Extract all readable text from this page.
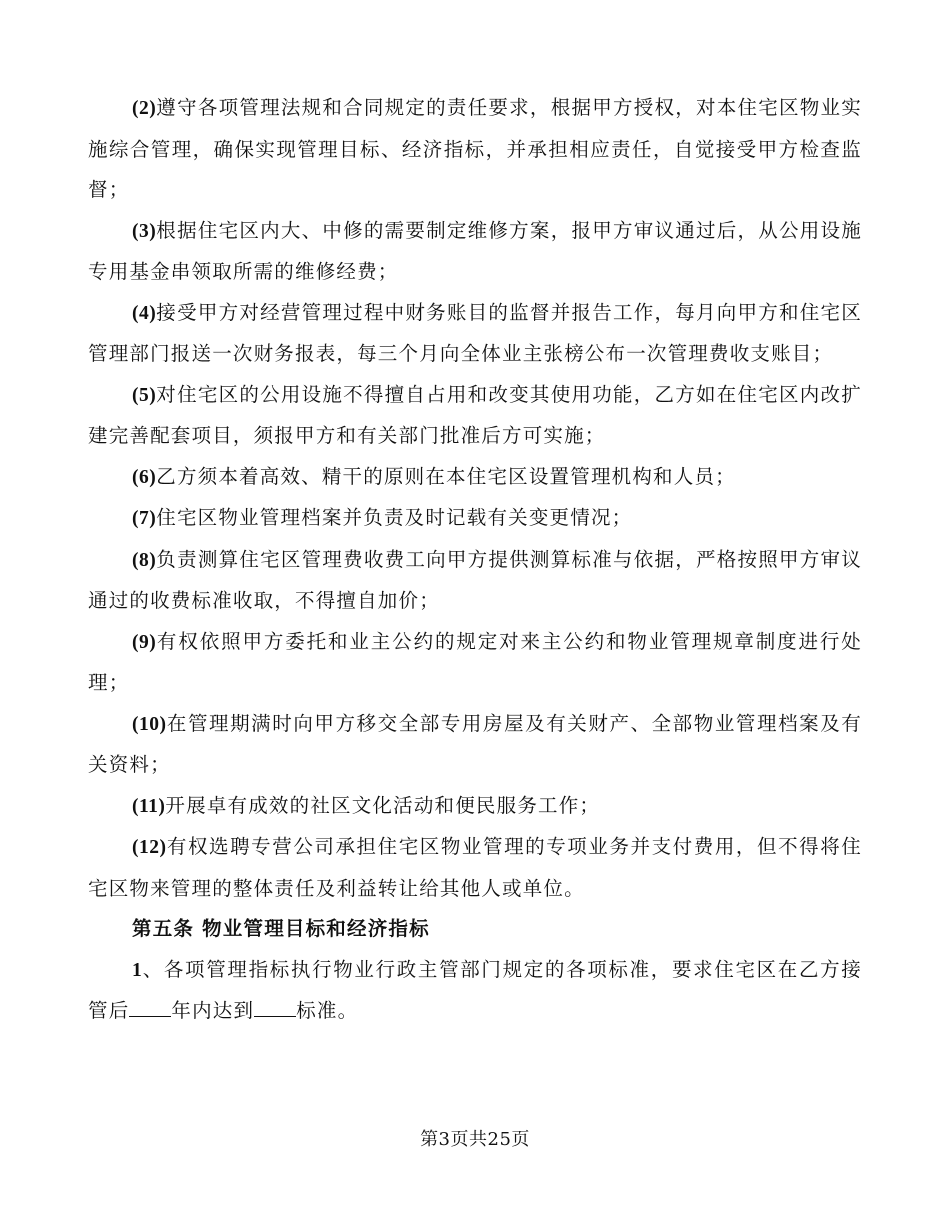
(2)遵守各项管理法规和合同规定的责任要求，根据甲方授权，对本住宅区物业实施综合管理，确保实现管理目标、经济指标，并承担相应责任，自觉接受甲方检查监督；

(3)根据住宅区内大、中修的需要制定维修方案，报甲方审议通过后，从公用设施专用基金串领取所需的维修经费；

(4)接受甲方对经营管理过程中财务账目的监督并报告工作，每月向甲方和住宅区管理部门报送一次财务报表，每三个月向全体业主张榜公布一次管理费收支账目；

(5)对住宅区的公用设施不得擅自占用和改变其使用功能，乙方如在住宅区内改扩建完善配套项目，须报甲方和有关部门批准后方可实施；

(6)乙方须本着高效、精干的原则在本住宅区设置管理机构和人员；

(7)住宅区物业管理档案并负责及时记载有关变更情况；

(8)负责测算住宅区管理费收费工向甲方提供测算标准与依据，严格按照甲方审议通过的收费标准收取，不得擅自加价；

(9)有权依照甲方委托和业主公约的规定对来主公约和物业管理规章制度进行处理；

(10)在管理期满时向甲方移交全部专用房屋及有关财产、全部物业管理档案及有关资料；

(11)开展卓有成效的社区文化活动和便民服务工作；

(12)有权选聘专营公司承担住宅区物业管理的专项业务并支付费用，但不得将住宅区物来管理的整体责任及利益转让给其他人或单位。

第五条 物业管理目标和经济指标

1、各项管理指标执行物业行政主管部门规定的各项标准，要求住宅区在乙方接管后 年内达到 标准。

第3页共25页
